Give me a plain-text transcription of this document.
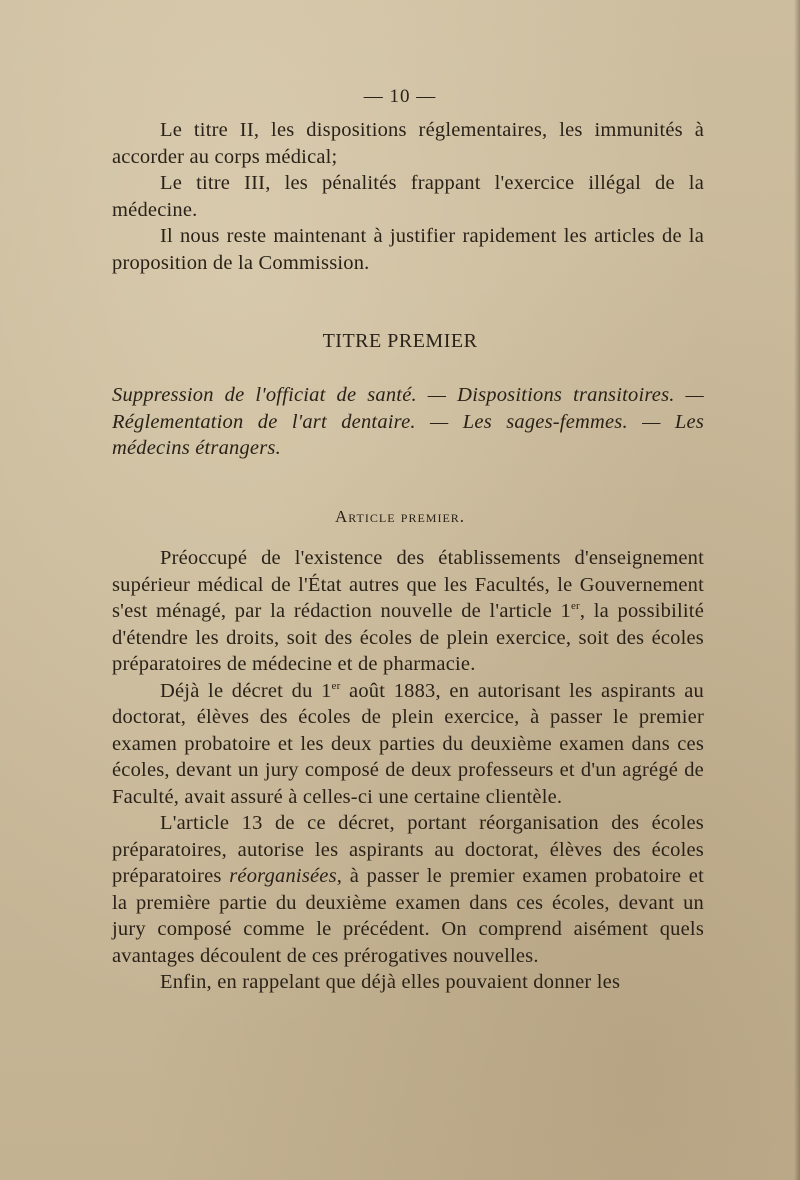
— 10 —

Le titre II, les dispositions réglementaires, les immunités à accorder au corps médical;

Le titre III, les pénalités frappant l'exercice illégal de la médecine.

Il nous reste maintenant à justifier rapidement les articles de la proposition de la Commission.

TITRE PREMIER

Suppression de l'officiat de santé. — Dispositions transitoires. — Réglementation de l'art dentaire. — Les sages-femmes. — Les médecins étrangers.

Article premier.

Préoccupé de l'existence des établissements d'enseignement supérieur médical de l'État autres que les Facultés, le Gouvernement s'est ménagé, par la rédaction nouvelle de l'article 1er, la possibilité d'étendre les droits, soit des écoles de plein exercice, soit des écoles préparatoires de médecine et de pharmacie.

Déjà le décret du 1er août 1883, en autorisant les aspirants au doctorat, élèves des écoles de plein exercice, à passer le premier examen probatoire et les deux parties du deuxième examen dans ces écoles, devant un jury composé de deux professeurs et d'un agrégé de Faculté, avait assuré à celles-ci une certaine clientèle.

L'article 13 de ce décret, portant réorganisation des écoles préparatoires, autorise les aspirants au doctorat, élèves des écoles préparatoires réorganisées, à passer le premier examen probatoire et la première partie du deuxième examen dans ces écoles, devant un jury composé comme le précédent. On comprend aisément quels avantages découlent de ces prérogatives nouvelles.

Enfin, en rappelant que déjà elles pouvaient donner les
